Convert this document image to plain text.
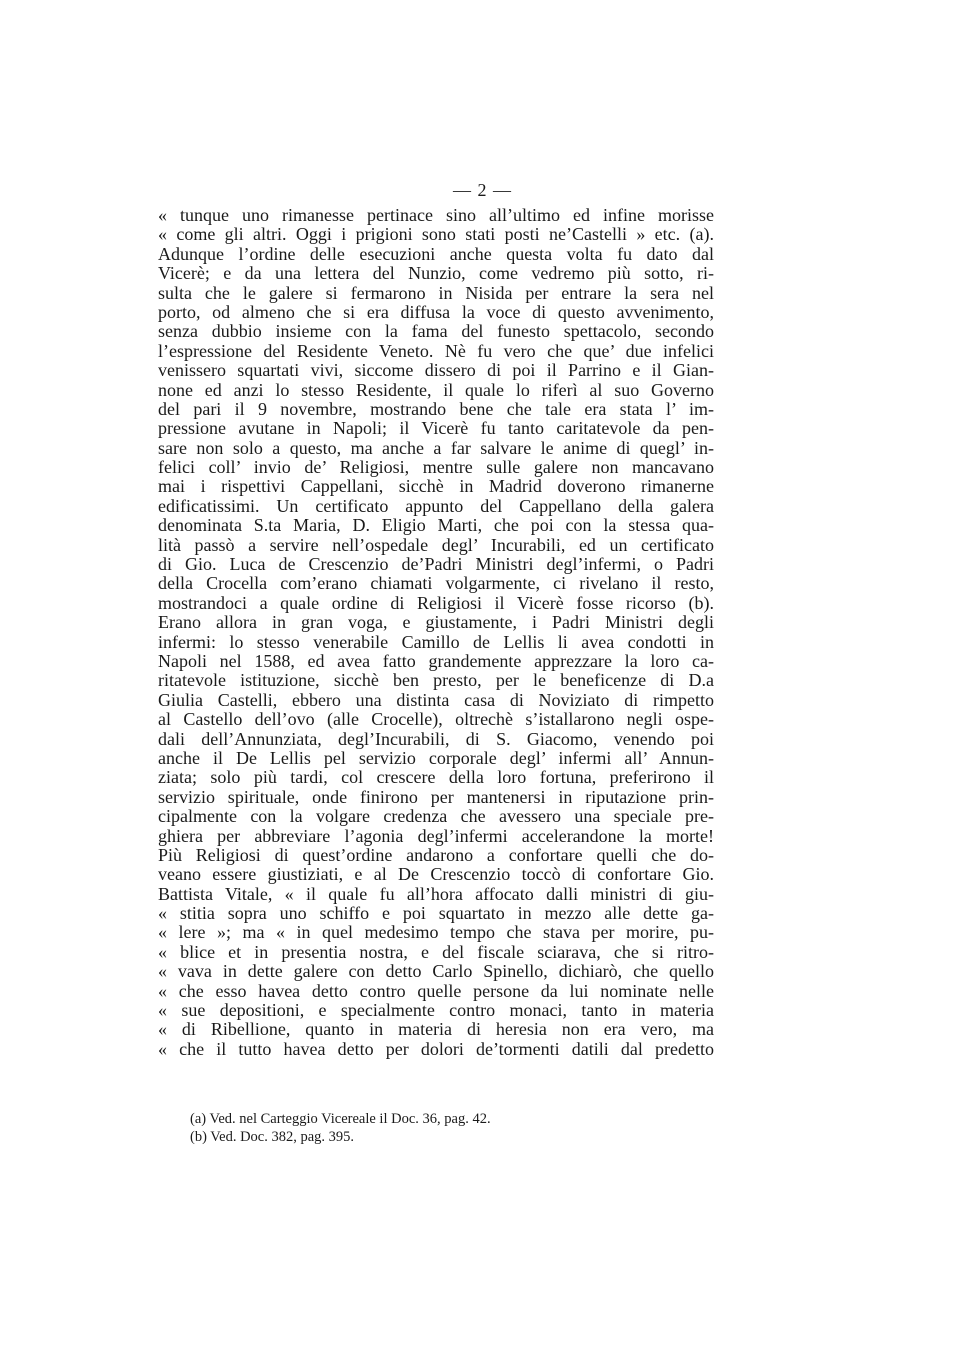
— 2 —
« tunque uno rimanesse pertinace sino all’ultimo ed infine morisse
« come gli altri. Oggi i prigioni sono stati posti ne’Castelli » etc. (a).
Adunque l’ordine delle esecuzioni anche questa volta fu dato dal
Vicerè; e da una lettera del Nunzio, come vedremo più sotto, ri-
sulta che le galere si fermarono in Nisida per entrare la sera nel
porto, od almeno che si era diffusa la voce di questo avvenimento,
senza dubbio insieme con la fama del funesto spettacolo, secondo
l’espressione del Residente Veneto. Nè fu vero che que’ due infelici
venissero squartati vivi, siccome dissero di poi il Parrino e il Gian-
none ed anzi lo stesso Residente, il quale lo riferì al suo Governo
del pari il 9 novembre, mostrando bene che tale era stata l’ im-
pressione avutane in Napoli; il Vicerè fu tanto caritatevole da pen-
sare non solo a questo, ma anche a far salvare le anime di quegl’ in-
felici coll’ invio de’ Religiosi, mentre sulle galere non mancavano
mai i rispettivi Cappellani, sicchè in Madrid doverono rimanerne
edificatissimi. Un certificato appunto del Cappellano della galera
denominata S.ta Maria, D. Eligio Marti, che poi con la stessa qua-
lità passò a servire nell’ospedale degl’ Incurabili, ed un certificato
di Gio. Luca de Crescenzio de’Padri Ministri degl’infermi, o Padri
della Crocella com’erano chiamati volgarmente, ci rivelano il resto,
mostrandoci a quale ordine di Religiosi il Vicerè fosse ricorso (b).
Erano allora in gran voga, e giustamente, i Padri Ministri degli
infermi: lo stesso venerabile Camillo de Lellis li avea condotti in
Napoli nel 1588, ed avea fatto grandemente apprezzare la loro ca-
ritatevole istituzione, sicchè ben presto, per le beneficenze di D.a
Giulia Castelli, ebbero una distinta casa di Noviziato di rimpetto
al Castello dell’ovo (alle Crocelle), oltrechè s’istallarono negli ospe-
dali dell’Annunziata, degl’Incurabili, di S. Giacomo, venendo poi
anche il De Lellis pel servizio corporale degl’ infermi all’ Annun-
ziata; solo più tardi, col crescere della loro fortuna, preferirono il
servizio spirituale, onde finirono per mantenersi in riputazione prin-
cipalmente con la volgare credenza che avessero una speciale pre-
ghiera per abbreviare l’agonia degl’infermi accelerandone la morte!
Più Religiosi di quest’ordine andarono a confortare quelli che do-
veano essere giustiziati, e al De Crescenzio toccò di confortare Gio.
Battista Vitale, « il quale fu all’hora affocato dalli ministri di giu-
« stitia sopra uno schiffo e poi squartato in mezzo alle dette ga-
« lere »; ma « in quel medesimo tempo che stava per morire, pu-
« blice et in presentia nostra, e del fiscale sciarava, che si ritro-
« vava in dette galere con detto Carlo Spinello, dichiarò, che quello
« che esso havea detto contro quelle persone da lui nominate nelle
« sue depositioni, e specialmente contro monaci, tanto in materia
« di Ribellione, quanto in materia di heresia non era vero, ma
« che il tutto havea detto per dolori de’tormenti datili dal predetto
(a) Ved. nel Carteggio Vicereale il Doc. 36, pag. 42.
(b) Ved. Doc. 382, pag. 395.
